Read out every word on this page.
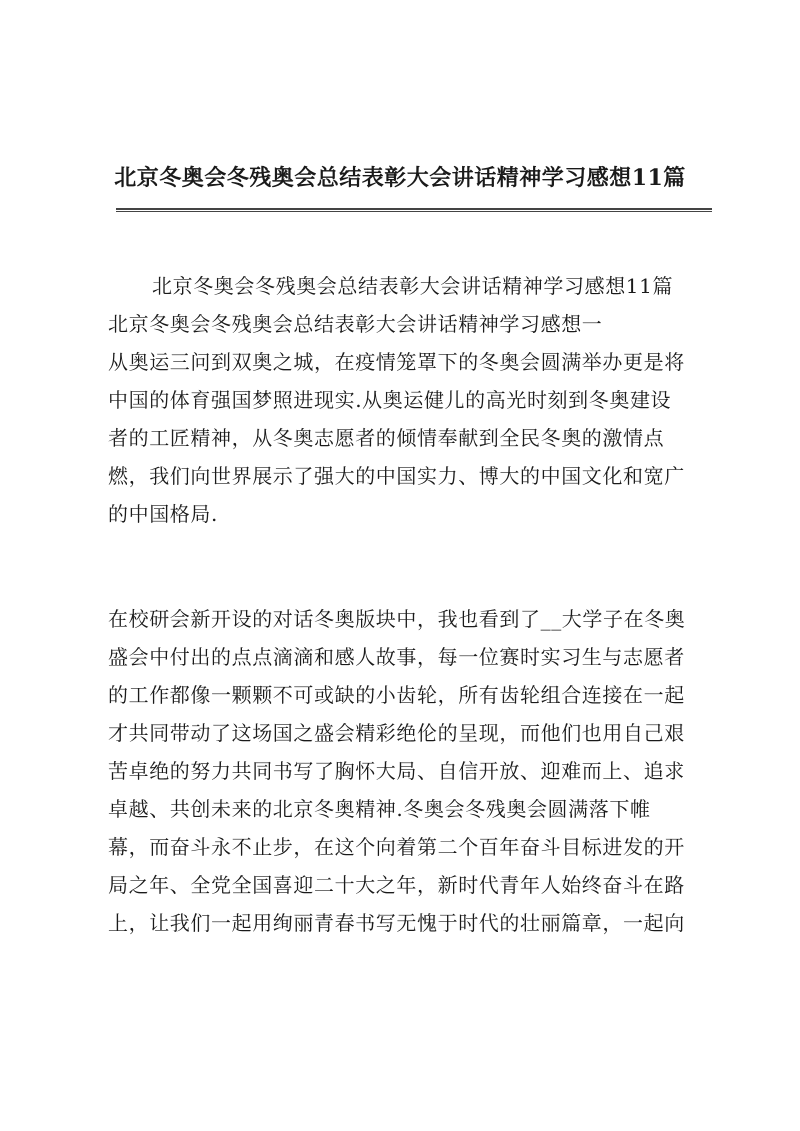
北京冬奥会冬残奥会总结表彰大会讲话精神学习感想11篇
北京冬奥会冬残奥会总结表彰大会讲话精神学习感想11篇
北京冬奥会冬残奥会总结表彰大会讲话精神学习感想一
从奥运三问到双奥之城，在疫情笼罩下的冬奥会圆满举办更是将
中国的体育强国梦照进现实.从奥运健儿的高光时刻到冬奥建设
者的工匠精神，从冬奥志愿者的倾情奉献到全民冬奥的激情点
燃，我们向世界展示了强大的中国实力、博大的中国文化和宽广
的中国格局.
在校研会新开设的对话冬奥版块中，我也看到了__大学子在冬奥
盛会中付出的点点滴滴和感人故事，每一位赛时实习生与志愿者
的工作都像一颗颗不可或缺的小齿轮，所有齿轮组合连接在一起
才共同带动了这场国之盛会精彩绝伦的呈现，而他们也用自己艰
苦卓绝的努力共同书写了胸怀大局、自信开放、迎难而上、追求
卓越、共创未来的北京冬奥精神.冬奥会冬残奥会圆满落下帷
幕，而奋斗永不止步，在这个向着第二个百年奋斗目标进发的开
局之年、全党全国喜迎二十大之年，新时代青年人始终奋斗在路
上，让我们一起用绚丽青春书写无愧于时代的壮丽篇章，一起向
